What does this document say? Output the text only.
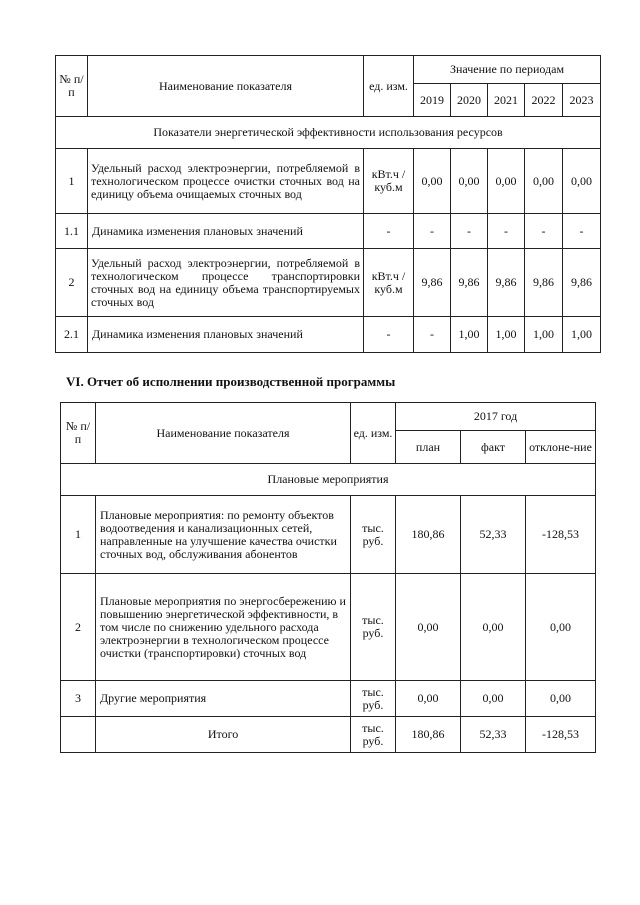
№ п/п	Наименование показателя	ед. изм.	Значение по периодам				
			2019	2020	2021	2022	2023
Показатели энергетической эффективности использования ресурсов							
1	Удельный расход электроэнергии, потребляемой в технологическом процессе очистки сточных вод на единицу объема очищаемых сточных вод	кВт.ч / куб.м	0,00	0,00	0,00	0,00	0,00
1.1	Динамика изменения плановых значений	-	-	-	-	-	-
2	Удельный расход электроэнергии, потребляемой в технологическом процессе транспортировки сточных вод на единицу объема транспортируемых сточных вод	кВт.ч / куб.м	9,86	9,86	9,86	9,86	9,86
2.1	Динамика изменения плановых значений	-	-	1,00	1,00	1,00	1,00
VI. Отчет об исполнении производственной программы
№ п/п	Наименование показателя	ед. изм.	2017 год		
			план	факт	отклоне-ние
Плановые мероприятия					
1	Плановые мероприятия: по ремонту объектов водоотведения и канализационных сетей, направленные на улучшение качества очистки сточных вод, обслуживания абонентов	тыс. руб.	180,86	52,33	-128,53
2	Плановые мероприятия по энергосбережению и повышению энергетической эффективности, в том числе по снижению удельного расхода электроэнергии в технологическом процессе очистки (транспортировки) сточных вод	тыс. руб.	0,00	0,00	0,00
3	Другие мероприятия	тыс. руб.	0,00	0,00	0,00
	Итого	тыс. руб.	180,86	52,33	-128,53
